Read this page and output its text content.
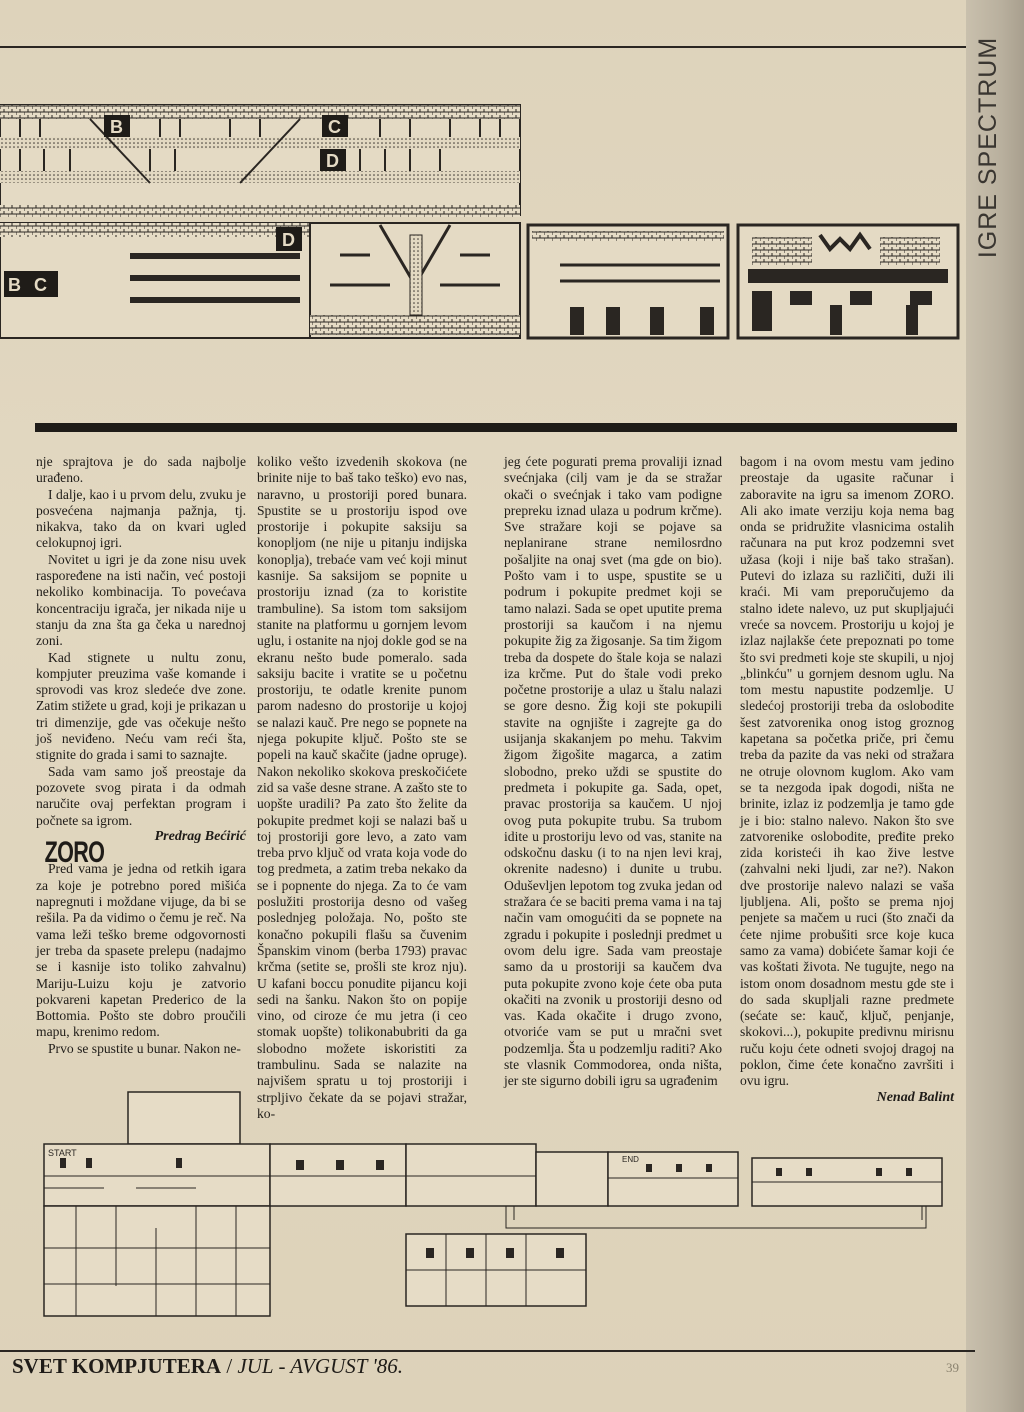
IGRE SPECTRUM
B	C
D
D
B C

nje sprajtova je do sada najbolje urađeno.

I dalje, kao i u prvom delu, zvuku je posvećena najmanja pažnja, tj. nikakva, tako da on kvari ugled celokupnoj igri.

Novitet u igri je da zone nisu uvek raspoređene na isti način, već postoji nekoliko kombinacija. To povećava koncentraciju igrača, jer nikada nije u stanju da zna šta ga čeka u narednoj zoni.

Kad stignete u nultu zonu, kompjuter preuzima vaše komande i sprovodi vas kroz sledeće dve zone. Zatim stižete u grad, koji je prikazan u tri dimenzije, gde vas očekuje nešto još neviđeno. Neću vam reći šta, stignite do grada i sami to saznajte.

Sada vam samo još preostaje da pozovete svog pirata i da odmah naručite ovaj perfektan program i počnete sa igrom.

Predrag Bećirić

ZORO

Pred vama je jedna od retkih igara za koje je potrebno pored mišića napregnuti i moždane vijuge, da bi se rešila. Pa da vidimo o čemu je reč. Na vama leži teško breme odgovornosti jer treba da spasete prelepu (nadajmo se i kasnije isto toliko zahvalnu) Mariju-Luizu koju je zatvorio pokvareni kapetan Prederico de la Bottomia. Pošto ste dobro proučili mapu, krenimo redom.

Prvo se spustite u bunar. Nakon ne-

koliko vešto izvedenih skokova (ne brinite nije to baš tako teško) evo nas, naravno, u prostoriji pored bunara. Spustite se u prostoriju ispod ove prostorije i pokupite saksiju sa konopljom (ne nije u pitanju indijska konoplja), trebaće vam već koji minut kasnije. Sa saksijom se popnite u prostoriju iznad (za to koristite trambuline). Sa istom tom saksijom stanite na platformu u gornjem levom uglu, i ostanite na njoj dokle god se na ekranu nešto bude pomeralo. sada saksiju bacite i vratite se u početnu prostoriju, te odatle krenite punom parom nadesno do prostorije u kojoj se nalazi kauč. Pre nego se popnete na njega pokupite ključ. Pošto ste se popeli na kauč skačite (jadne opruge). Nakon nekoliko skokova preskočićete zid sa vaše desne strane. A zašto ste to uopšte uradili? Pa zato što želite da pokupite predmet koji se nalazi baš u toj prostoriji gore levo, a zato vam treba prvo ključ od vrata koja vode do tog predmeta, a zatim treba nekako da se i popnente do njega. Za to će vam poslužiti prostorija desno od vašeg poslednjeg položaja. No, pošto ste konačno pokupili flašu sa čuvenim Španskim vinom (berba 1793) pravac krčma (setite se, prošli ste kroz nju). U kafani boccu ponudite pijancu koji sedi na šanku. Nakon što on popije vino, od ciroze će mu jetra (i ceo stomak uopšte) tolikonabubriti da ga slobodno možete iskoristiti za trambulinu. Sada se nalazite na najvišem spratu u toj prostoriji i strpljivo čekate da se pojavi stražar, ko-

jeg ćete pogurati prema provaliji iznad svećnjaka (cilj vam je da se stražar okači o svećnjak i tako vam podigne prepreku iznad ulaza u podrum krčme). Sve stražare koji se pojave sa neplanirane strane nemilosrdno pošaljite na onaj svet (ma gde on bio). Pošto vam i to uspe, spustite se u podrum i pokupite predmet koji se tamo nalazi. Sada se opet uputite prema prostoriji sa kaučom i na njemu pokupite žig za žigosanje. Sa tim žigom treba da dospete do štale koja se nalazi iza krčme. Put do štale vodi preko početne prostorije a ulaz u štalu nalazi se gore desno. Žig koji ste pokupili stavite na ognjište i zagrejte ga do usijanja skakanjem po mehu. Takvim žigom žigošite magarca, a zatim slobodno, preko uždi se spustite do predmeta i pokupite ga. Sada, opet, pravac prostorija sa kaučem. U njoj ovog puta pokupite trubu. Sa trubom idite u prostoriju levo od vas, stanite na odskočnu dasku (i to na njen levi kraj, okrenite nadesno) i dunite u trubu. Oduševljen lepotom tog zvuka jedan od stražara će se baciti prema vama i na taj način vam omogućiti da se popnete na zgradu i pokupite i poslednji predmet u ovom delu igre. Sada vam preostaje samo da u prostoriji sa kaučem dva puta pokupite zvono koje ćete oba puta okačiti na zvonik u prostoriji desno od vas. Kada okačite i drugo zvono, otvoriće vam se put u mračni svet podzemlja. Šta u podzemlju raditi? Ako ste vlasnik Commodorea, onda ništa, jer ste sigurno dobili igru sa ugrađenim

bagom i na ovom mestu vam jedino preostaje da ugasite računar i zaboravite na igru sa imenom ZORO. Ali ako imate verziju koja nema bag onda se pridružite vlasnicima ostalih računara na put kroz podzemni svet užasa (koji i nije baš tako strašan). Putevi do izlaza su različiti, duži ili kraći. Mi vam preporučujemo da stalno idete nalevo, uz put skupljajući vreće sa novcem. Prostoriju u kojoj je izlaz najlakše ćete prepoznati po tome što svi predmeti koje ste skupili, u njoj „blinkću" u gornjem desnom uglu. Na tom mestu napustite podzemlje. U sledećoj prostoriji treba da oslobodite šest zatvorenika onog istog groznog kapetana sa početka priče, pri čemu treba da pazite da vas neki od stražara ne otruje olovnom kuglom. Ako vam se ta nezgoda ipak dogodi, ništa ne brinite, izlaz iz podzemlja je tamo gde je i bio: stalno nalevo. Nakon što sve zatvorenike oslobodite, pređite preko zida koristeći ih kao žive lestve (zahvalni neki ljudi, zar ne?). Nakon dve prostorije nalevo nalazi se vaša ljubljena. Ali, pošto se prema njoj penjete sa mačem u ruci (što znači da ćete njime probušiti srce koje kuca samo za vama) dobićete šamar koji će vas koštati života. Ne tugujte, nego na istom onom dosadnom mestu gde ste i do sada skupljali razne predmete (sećate se: kauč, ključ, penjanje, skokovi...), pokupite predivnu mirisnu ruču koju ćete odneti svojoj dragoj na poklon, čime ćete konačno završiti i ovu igru.

Nenad Balint

START
END
SVET KOMPJUTERA / JUL - AVGUST '86.	39
